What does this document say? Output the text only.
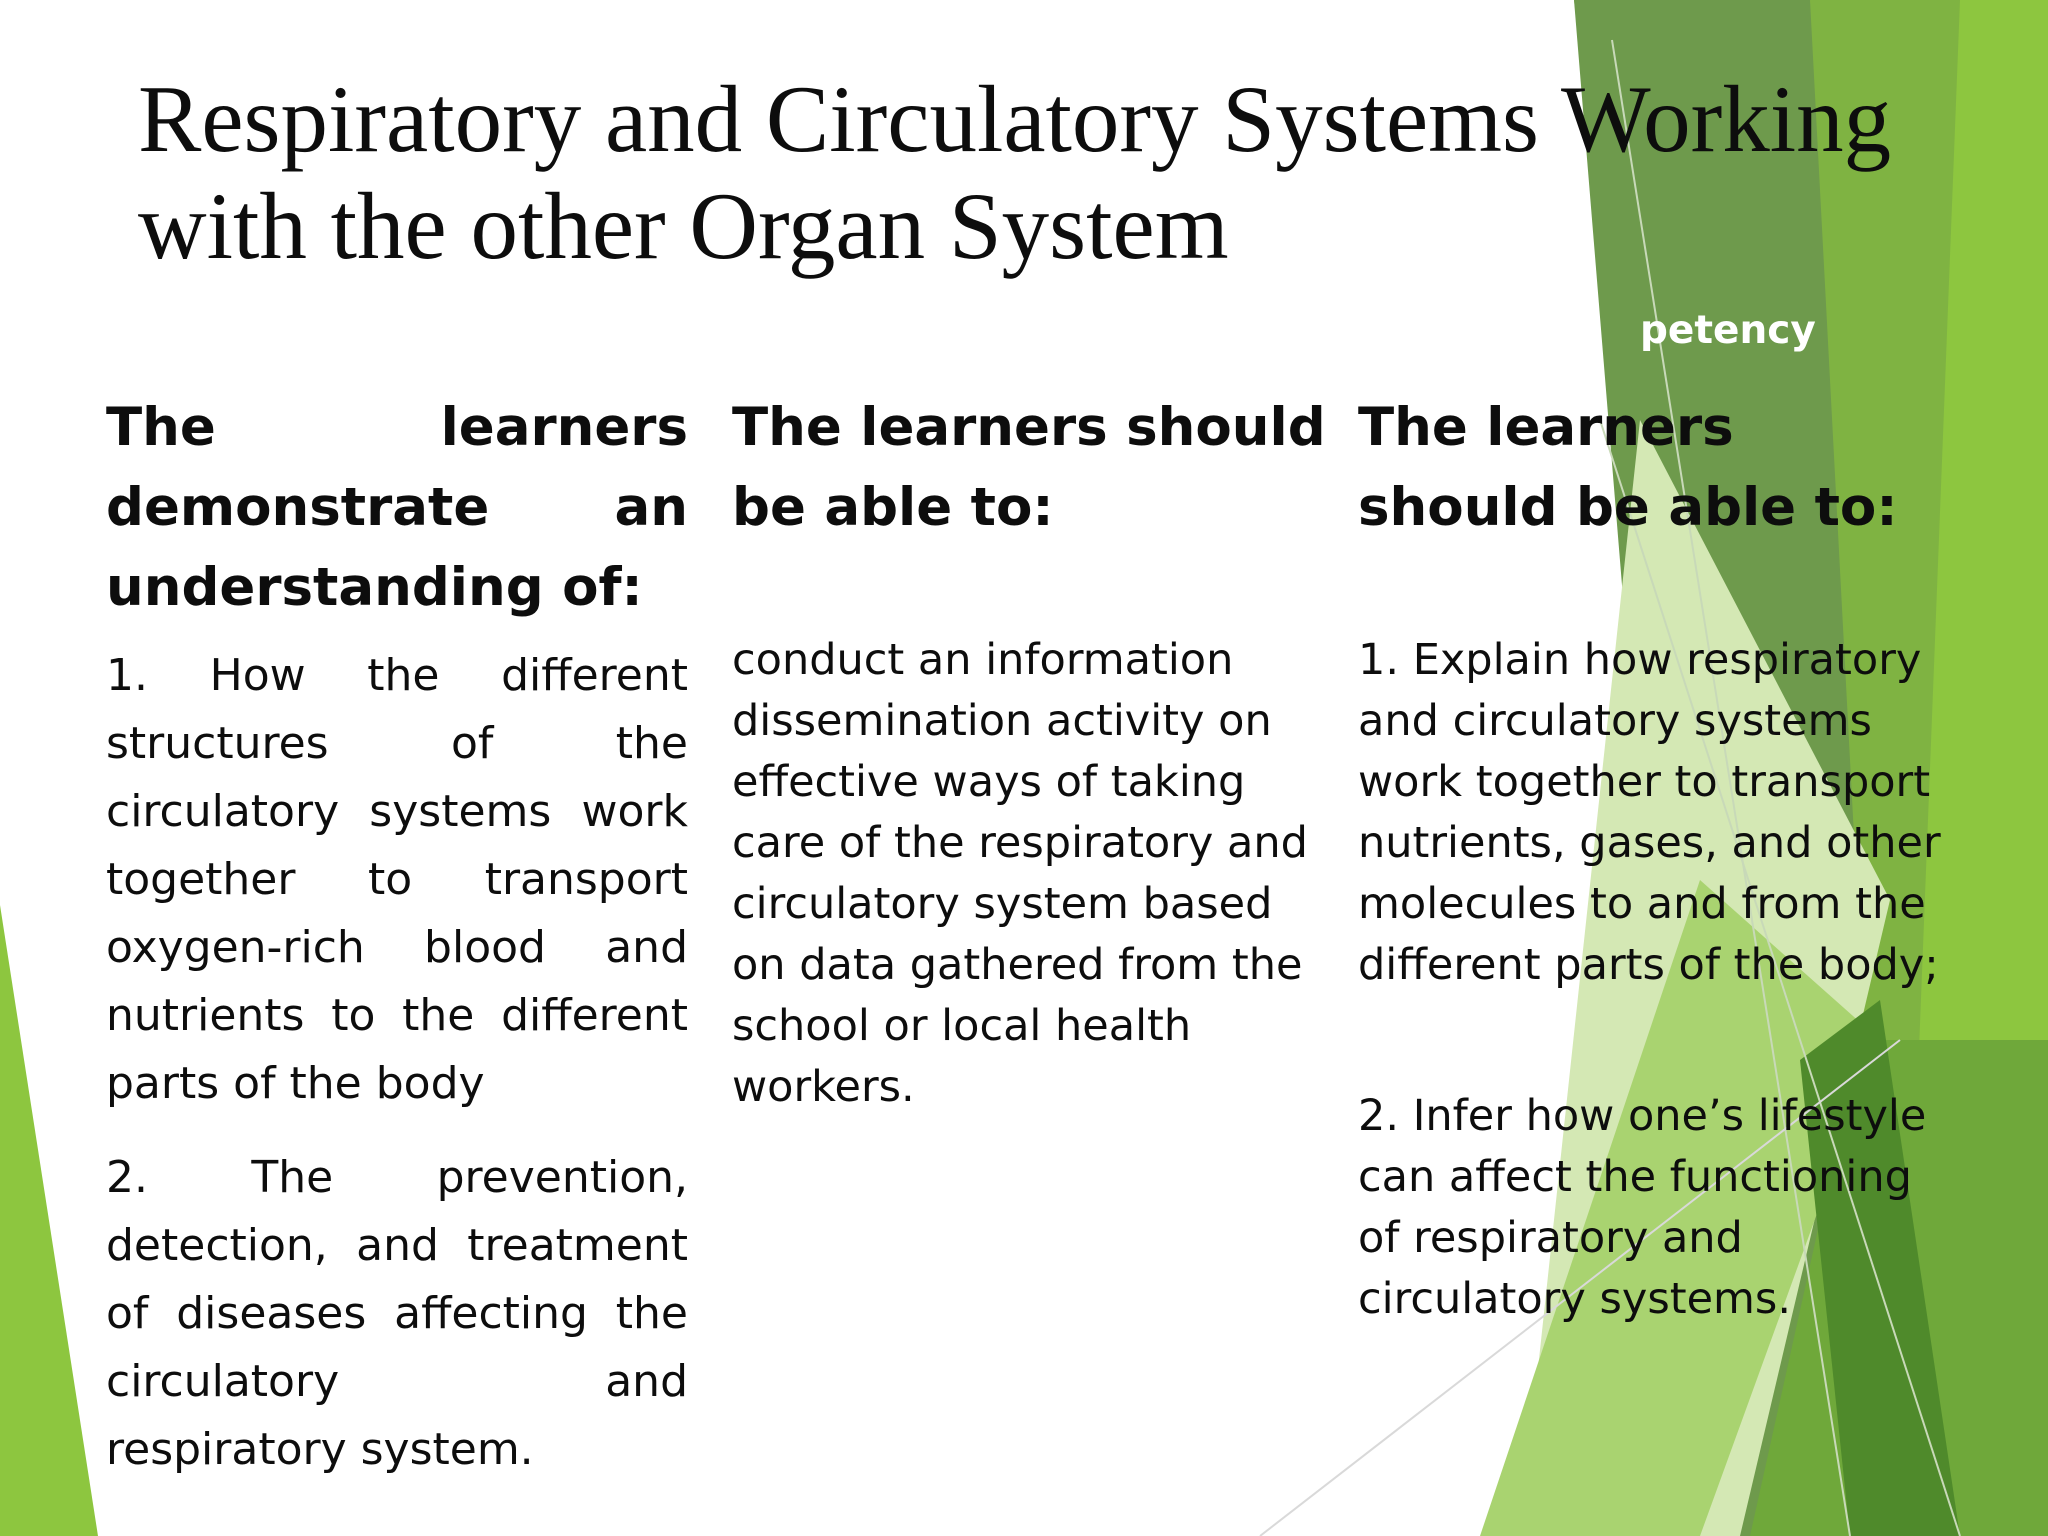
Respiratory and Circulatory Systems Working
with the other Organ System
petency

The learners demonstrate an understanding of:

1. How the different structures of the circulatory systems work together to transport oxygen-rich blood and nutrients to the different parts of the body

2. The prevention, detection, and treatment of diseases affecting the circulatory and respiratory system.

The learners should be able to:

conduct an information dissemination activity on effective ways of taking care of the respiratory and circulatory system based on data gathered from the school or local health workers.

The learners should be able to:

1. Explain how respiratory and circulatory systems work together to transport nutrients, gases, and other molecules to and from the different parts of the body;

2. Infer how one’s lifestyle can affect the functioning of respiratory and circulatory systems.
